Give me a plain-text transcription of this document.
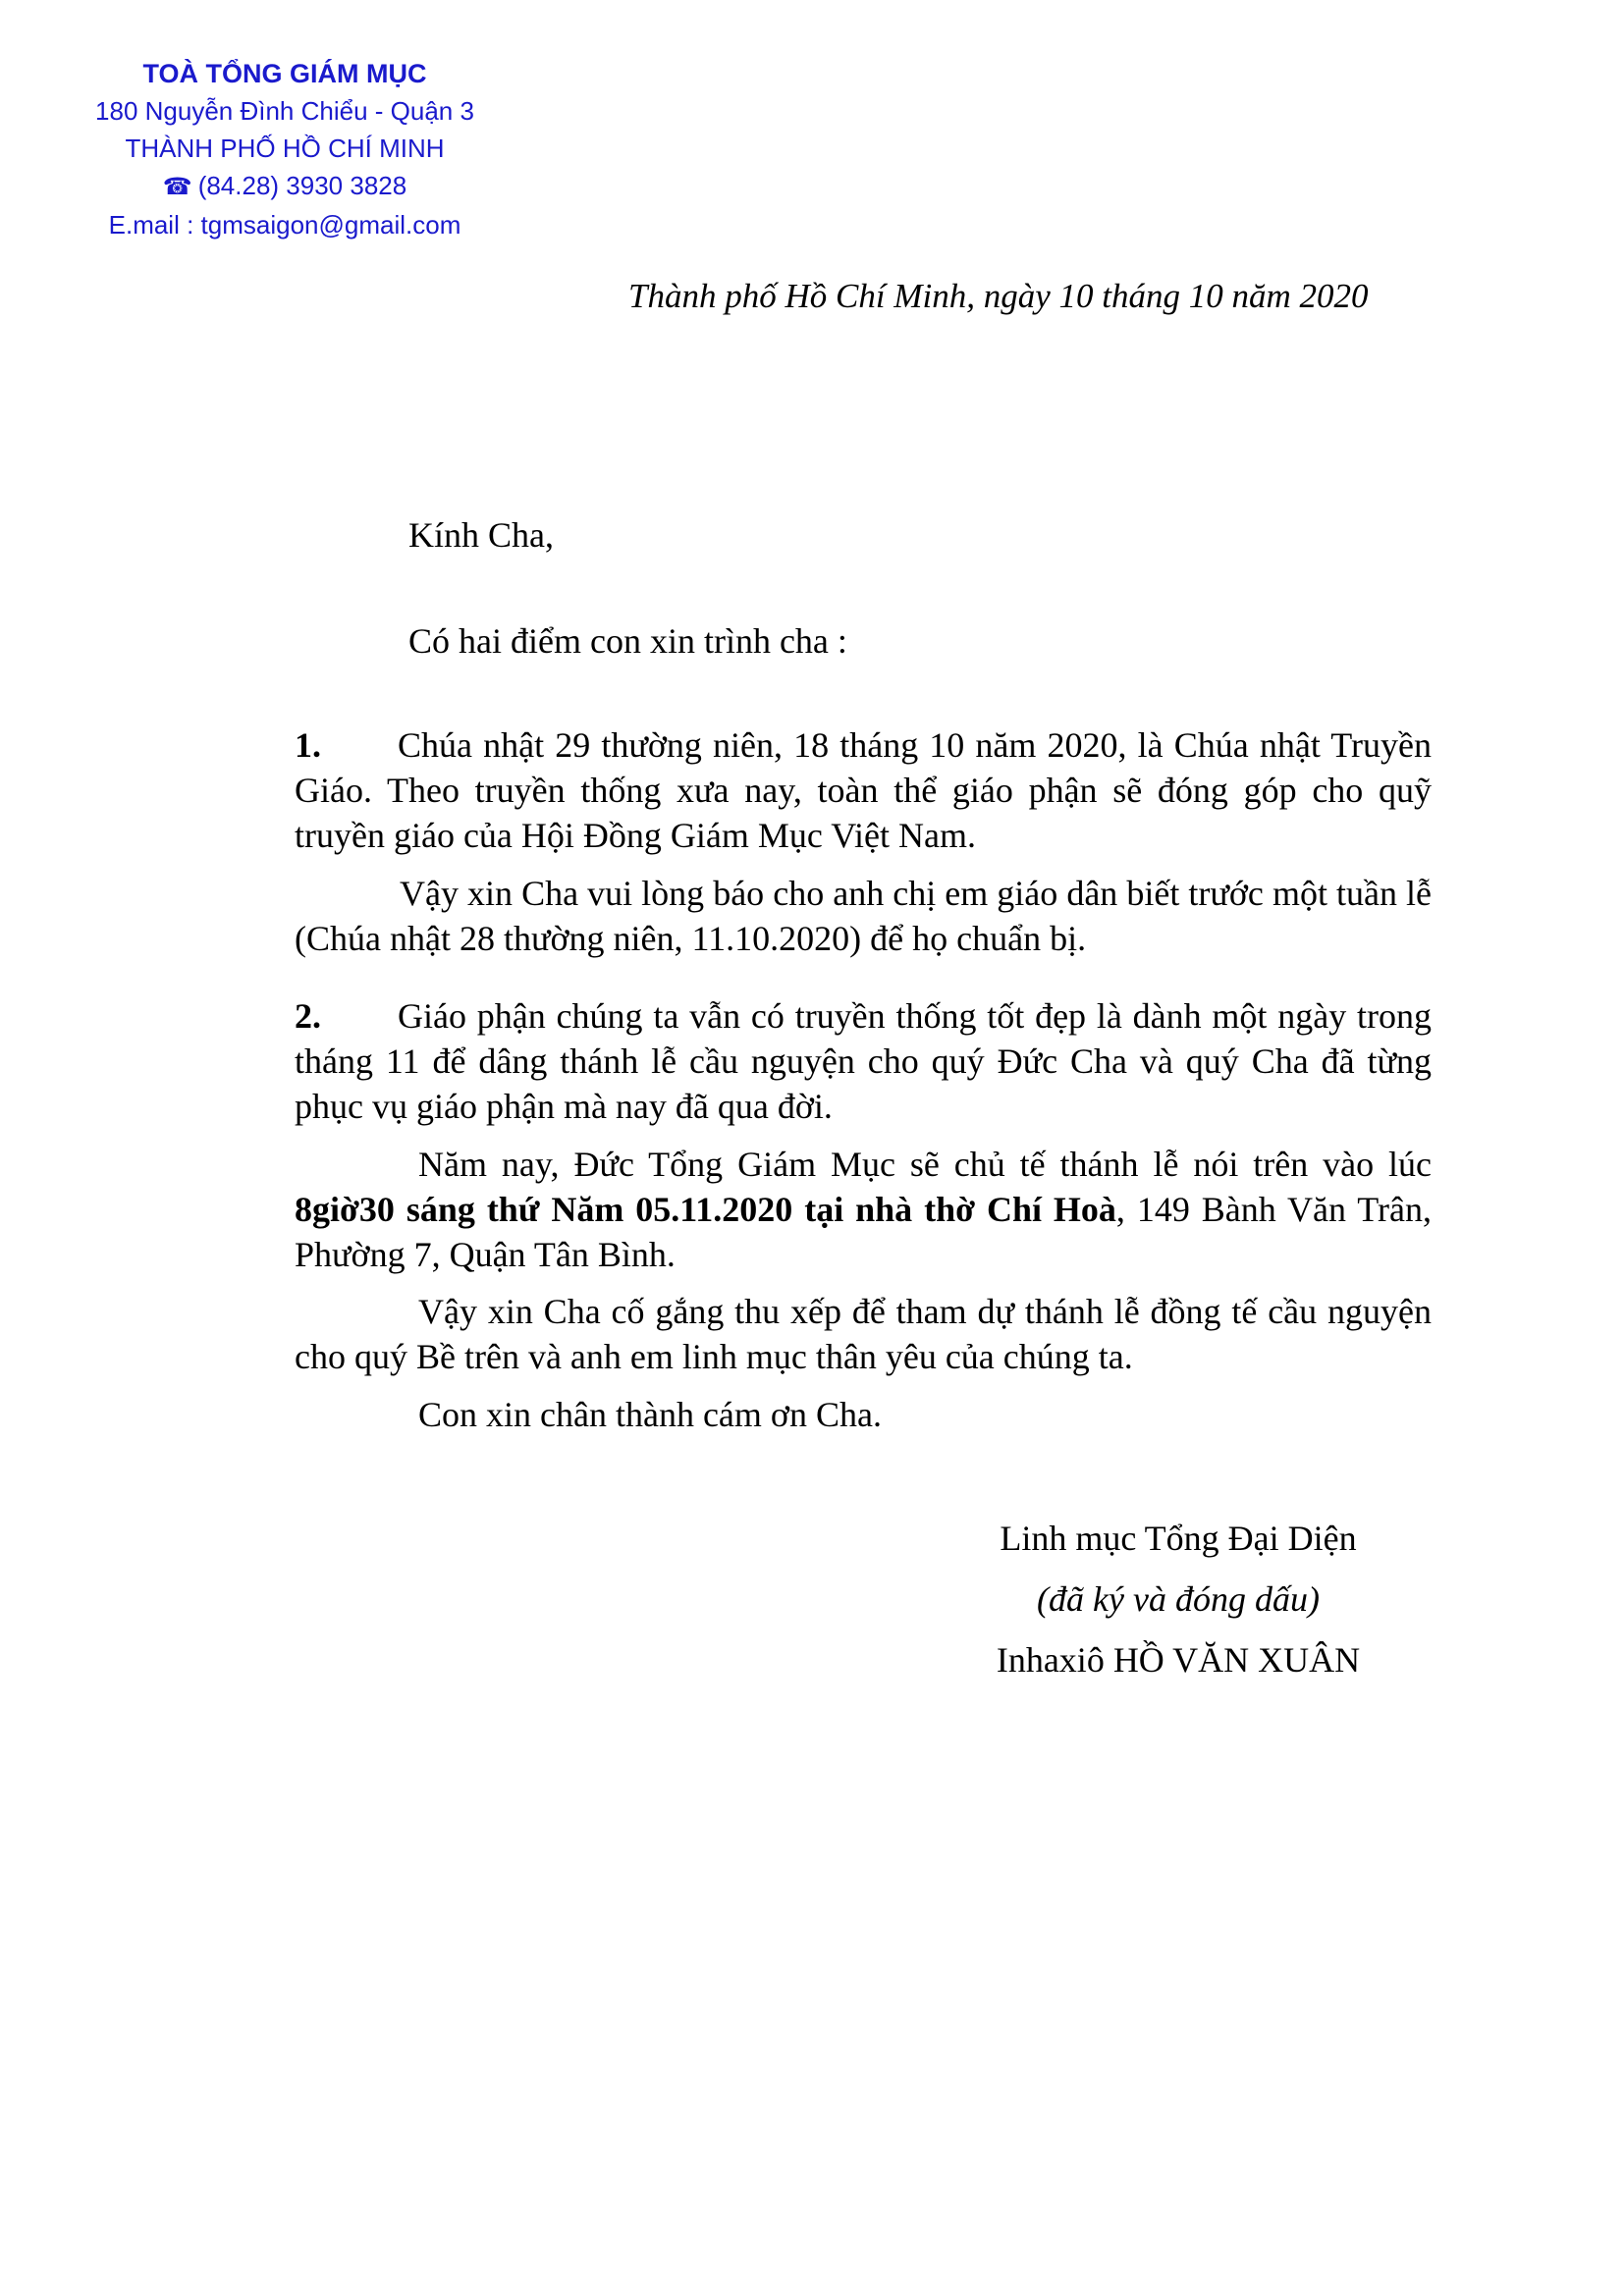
TOÀ TỔNG GIÁM MỤC
180 Nguyễn Đình Chiểu - Quận 3
THÀNH PHỐ HỒ CHÍ MINH
☎ (84.28) 3930 3828
E.mail : tgmsaigon@gmail.com
Thành phố Hồ Chí Minh, ngày 10 tháng 10 năm 2020
Kính Cha,
Có hai điểm con xin trình cha :
1. Chúa nhật 29 thường niên, 18 tháng 10 năm 2020, là Chúa nhật Truyền Giáo. Theo truyền thống xưa nay, toàn thể giáo phận sẽ đóng góp cho quỹ truyền giáo của Hội Đồng Giám Mục Việt Nam.
Vậy xin Cha vui lòng báo cho anh chị em giáo dân biết trước một tuần lễ (Chúa nhật 28 thường niên, 11.10.2020) để họ chuẩn bị.
2. Giáo phận chúng ta vẫn có truyền thống tốt đẹp là dành một ngày trong tháng 11 để dâng thánh lễ cầu nguyện cho quý Đức Cha và quý Cha đã từng phục vụ giáo phận mà nay đã qua đời.
Năm nay, Đức Tổng Giám Mục sẽ chủ tế thánh lễ nói trên vào lúc 8giờ30 sáng thứ Năm 05.11.2020 tại nhà thờ Chí Hoà, 149 Bành Văn Trân, Phường 7, Quận Tân Bình.
Vậy xin Cha cố gắng thu xếp để tham dự thánh lễ đồng tế cầu nguyện cho quý Bề trên và anh em linh mục thân yêu của chúng ta.
Con xin chân thành cám ơn Cha.
Linh mục Tổng Đại Diện
(đã ký và đóng dấu)
Inhaxiô HỒ VĂN XUÂN
